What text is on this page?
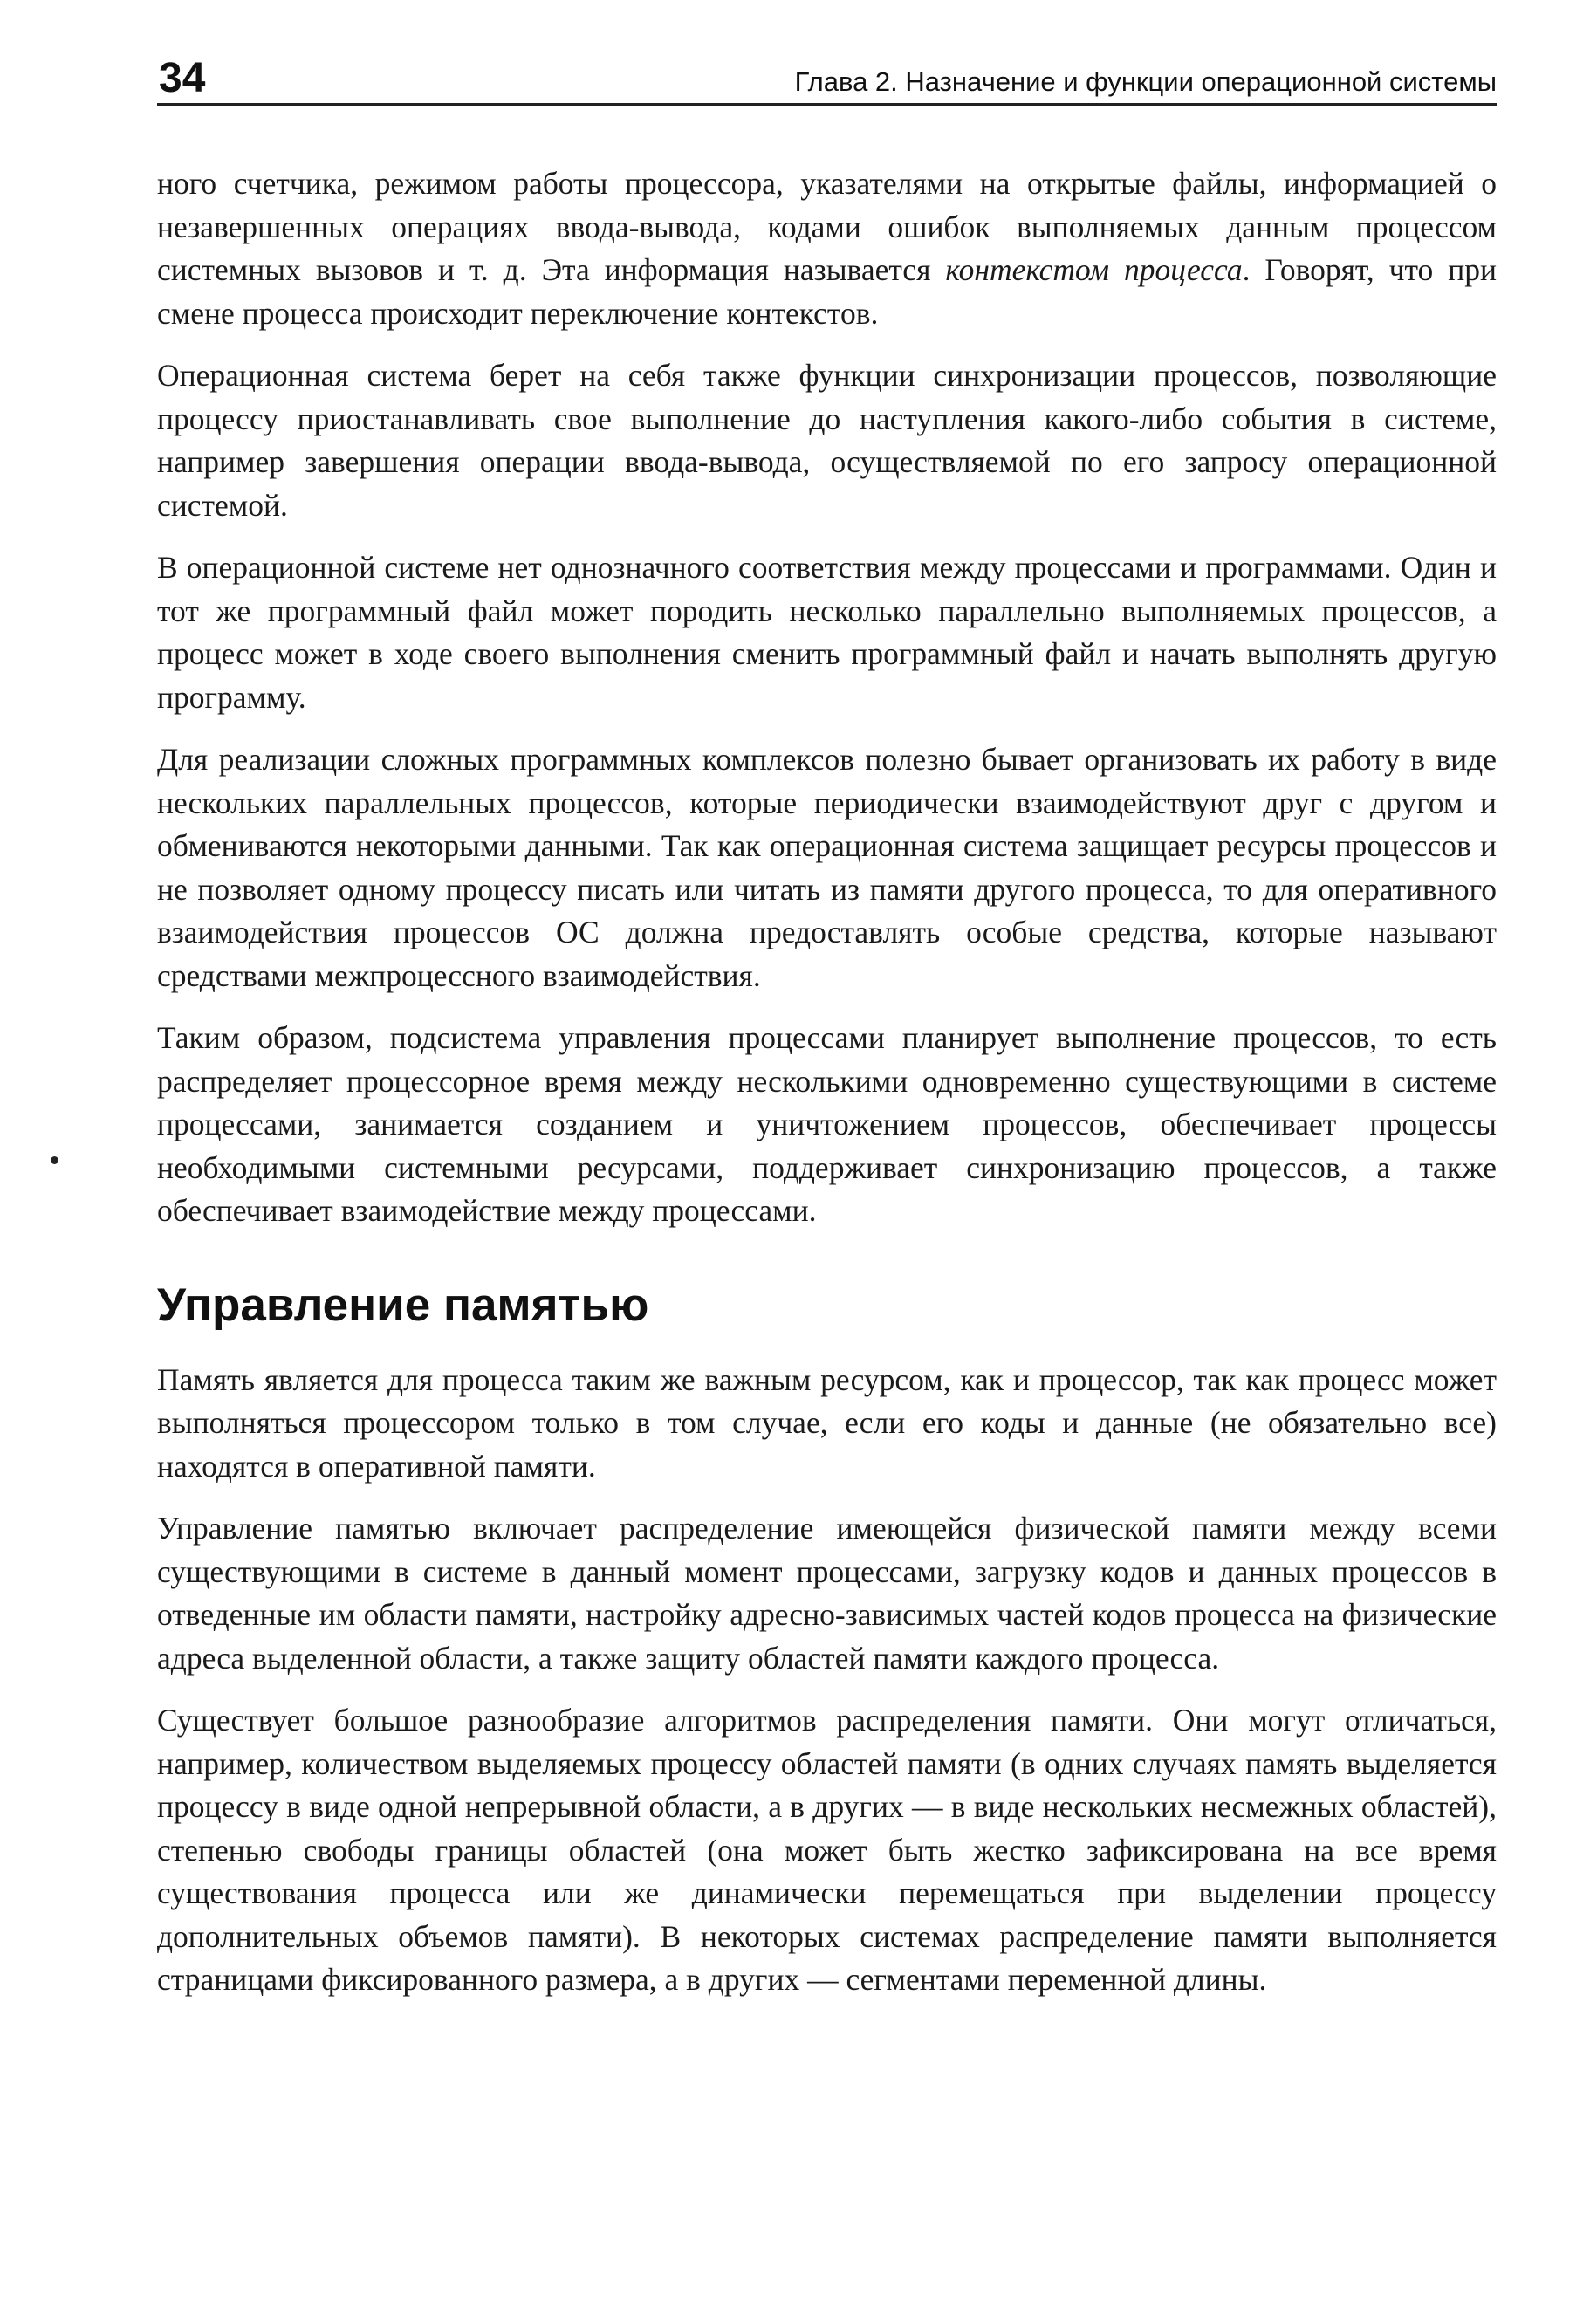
34	Глава 2. Назначение и функции операционной системы

ного счетчика, режимом работы процессора, указателями на открытые файлы, информацией о незавершенных операциях ввода-вывода, кодами ошибок выполняемых данным процессом системных вызовов и т. д. Эта информация называется контекстом процесса. Говорят, что при смене процесса происходит переключение контекстов.

Операционная система берет на себя также функции синхронизации процессов, позволяющие процессу приостанавливать свое выполнение до наступления какого-либо события в системе, например завершения операции ввода-вывода, осуществляемой по его запросу операционной системой.

В операционной системе нет однозначного соответствия между процессами и программами. Один и тот же программный файл может породить несколько параллельно выполняемых процессов, а процесс может в ходе своего выполнения сменить программный файл и начать выполнять другую программу.

Для реализации сложных программных комплексов полезно бывает организовать их работу в виде нескольких параллельных процессов, которые периодически взаимодействуют друг с другом и обмениваются некоторыми данными. Так как операционная система защищает ресурсы процессов и не позволяет одному процессу писать или читать из памяти другого процесса, то для оперативного взаимодействия процессов ОС должна предоставлять особые средства, которые называют средствами межпроцессного взаимодействия.

Таким образом, подсистема управления процессами планирует выполнение процессов, то есть распределяет процессорное время между несколькими одновременно существующими в системе процессами, занимается созданием и уничтожением процессов, обеспечивает процессы необходимыми системными ресурсами, поддерживает синхронизацию процессов, а также обеспечивает взаимодействие между процессами.

Управление памятью

Память является для процесса таким же важным ресурсом, как и процессор, так как процесс может выполняться процессором только в том случае, если его коды и данные (не обязательно все) находятся в оперативной памяти.

Управление памятью включает распределение имеющейся физической памяти между всеми существующими в системе в данный момент процессами, загрузку кодов и данных процессов в отведенные им области памяти, настройку адресно-зависимых частей кодов процесса на физические адреса выделенной области, а также защиту областей памяти каждого процесса.

Существует большое разнообразие алгоритмов распределения памяти. Они могут отличаться, например, количеством выделяемых процессу областей памяти (в одних случаях память выделяется процессу в виде одной непрерывной области, а в других — в виде нескольких несмежных областей), степенью свободы границы областей (она может быть жестко зафиксирована на все время существования процесса или же динамически перемещаться при выделении процессу дополнительных объемов памяти). В некоторых системах распределение памяти выполняется страницами фиксированного размера, а в других — сегментами переменной длины.
